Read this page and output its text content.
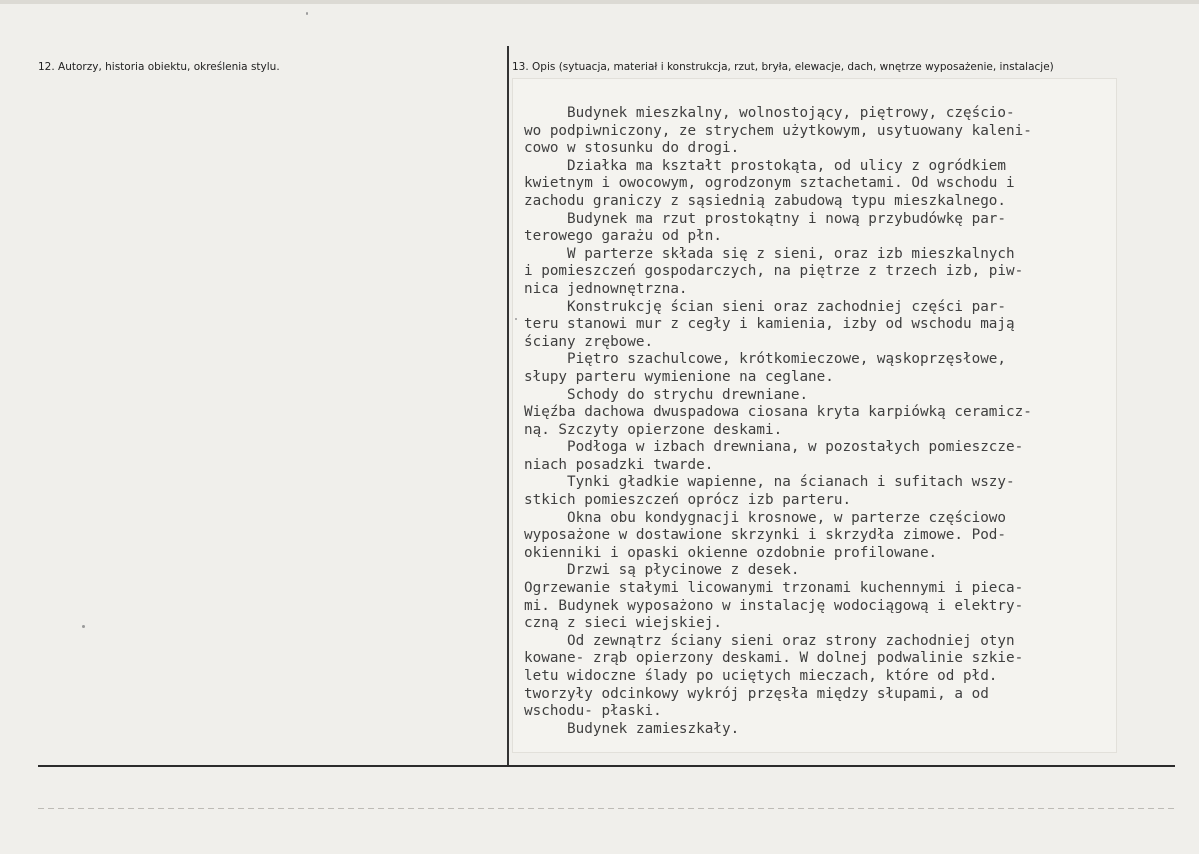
12. Autorzy, historia obiektu, określenia stylu.	13. Opis (sytuacja, materiał i konstrukcja, rzut, bryła, elewacje, dach, wnętrze wyposażenie, instalacje)
Budynek mieszkalny, wolnostojący, piętrowy, częścio-
wo podpiwniczony, ze strychem użytkowym, usytuowany kaleni-
cowo w stosunku do drogi.
Działka ma kształt prostokąta, od ulicy z ogródkiem
kwietnym i owocowym, ogrodzonym sztachetami. Od wschodu i
zachodu graniczy z sąsiednią zabudową typu mieszkalnego.
Budynek ma rzut prostokątny i nową przybudówkę par-
terowego garażu od płn.
W parterze składa się z sieni, oraz izb mieszkalnych
i pomieszczeń gospodarczych, na piętrze z trzech izb, piw-
nica jednownętrzna.
Konstrukcję ścian sieni oraz zachodniej części par-
teru stanowi mur z cegły i kamienia, izby od wschodu mają
ściany zrębowe.
Piętro szachulcowe, krótkomieczowe, wąskoprzęsłowe,
słupy parteru wymienione na ceglane.
Schody do strychu drewniane.
Więźba dachowa dwuspadowa ciosana kryta karpiówką ceramicz-
ną. Szczyty opierzone deskami.
Podłoga w izbach drewniana, w pozostałych pomieszcze-
niach posadzki twarde.
Tynki gładkie wapienne, na ścianach i sufitach wszy-
stkich pomieszczeń oprócz izb parteru.
Okna obu kondygnacji krosnowe, w parterze częściowo
wyposażone w dostawione skrzynki i skrzydła zimowe. Pod-
okienniki i opaski okienne ozdobnie profilowane.
Drzwi są płycinowe z desek.
Ogrzewanie stałymi licowanymi trzonami kuchennymi i pieca-
mi. Budynek wyposażono w instalację wodociągową i elektry-
czną z sieci wiejskiej.
Od zewnątrz ściany sieni oraz strony zachodniej otyn
kowane- zrąb opierzony deskami. W dolnej podwalinie szkie-
letu widoczne ślady po uciętych mieczach, które od płd.
tworzyły odcinkowy wykrój przęsła między słupami, a od
wschodu- płaski.
Budynek zamieszkały.
